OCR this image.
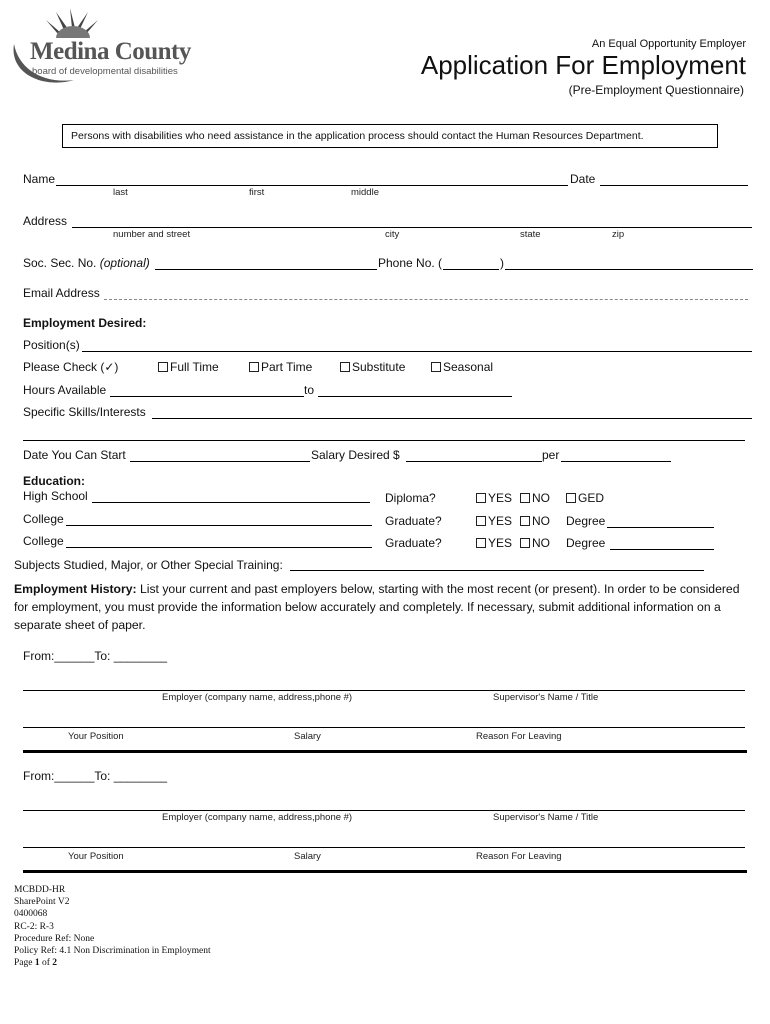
Medina County
board of developmental disabilities
An Equal Opportunity Employer
Application For Employment
(Pre-Employment Questionnaire)
Persons with disabilities who need assistance in the application process should contact the Human Resources Department.
Name	Date
last	first	middle
Address
number and street	city	state	zip
Soc. Sec. No. (optional)	Phone No. (	)
Email Address
Employment Desired:
Position(s)
Please Check (✓)	Full Time	Part Time	Substitute	Seasonal
Hours Available	to
Specific Skills/Interests
Date You Can Start	Salary Desired $	per
Education:
High School	Diploma?	YES	NO	GED
College	Graduate?	YES	NO Degree
College	Graduate?	YES	NO Degree
Subjects Studied, Major, or Other Special Training:
Employment History: List your current and past employers below, starting with the most recent (or present). In order to be considered for employment, you must provide the information below accurately and completely. If necessary, submit additional information on a separate sheet of paper.
From:______To: ________
Employer (company name, address,phone #)	Supervisor's Name / Title
Your Position	Salary	Reason For Leaving
From:______To: ________
Employer (company name, address,phone #)	Supervisor's Name / Title
Your Position	Salary	Reason For Leaving
MCBDD-HR
SharePoint V2
0400068
RC-2: R-3
Procedure Ref: None
Policy Ref: 4.1 Non Discrimination in Employment
Page 1 of 2
